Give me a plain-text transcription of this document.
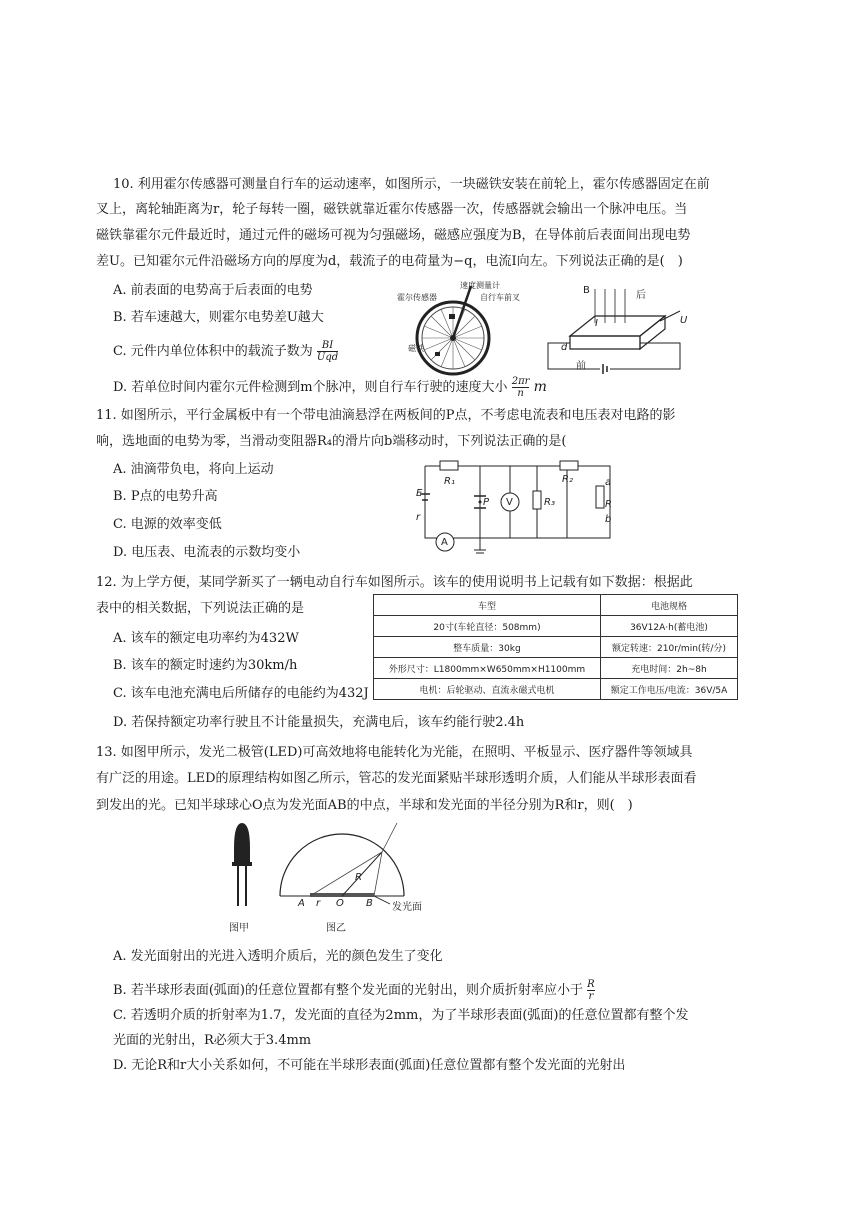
10. 利用霍尔传感器可测量自行车的运动速率，如图所示，一块磁铁安装在前轮上，霍尔传感器固定在前
叉上，离轮轴距离为r，轮子每转一圈，磁铁就靠近霍尔传感器一次，传感器就会输出一个脉冲电压。当
磁铁靠霍尔元件最近时，通过元件的磁场可视为匀强磁场，磁感应强度为B，在导体前后表面间出现电势
差U。已知霍尔元件沿磁场方向的厚度为d，载流子的电荷量为−q，电流I向左。下列说法正确的是(　)
A. 前表面的电势高于后表面的电势
B. 若车速越大，则霍尔电势差U越大
C. 元件内单位体积中的载流子数为 BI
Uqd
D. 若单位时间内霍尔元件检测到m个脉冲，则自行车行驶的速度大小 $\frac{2\pi r}{n}$ m
霍尔传感器
速度测量计
自行车前叉
磁铁
B	后
前
I	U
d
11. 如图所示，平行金属板中有一个带电油滴悬浮在两板间的P点，不考虑电流表和电压表对电路的影
响，选地面的电势为零，当滑动变阻器R₄的滑片向b端移动时，下列说法正确的是(
A. 油滴带负电，将向上运动
B. P点的电势升高
C. 电源的效率变低
D. 电压表、电流表的示数均变小
R₁	R₂
R₃	R
E
r
P V
A
a
b
12. 为上学方便，某同学新买了一辆电动自行车如图所示。该车的使用说明书上记载有如下数据：根据此
表中的相关数据，下列说法正确的是
A. 该车的额定电功率约为432W
B. 该车的额定时速约为30km/h
C. 该车电池充满电后所储存的电能约为432J
D. 若保持额定功率行驶且不计能量损失，充满电后，该车约能行驶2.4h
车型	电池规格
20寸(车轮直径：508mm)	36V12A·h(蓄电池)
整车质量：30kg	额定转速：210r/min(转/分)
外形尺寸：L1800mm×W650mm×H1100mm	充电时间：2h~8h
电机：后轮驱动、直流永磁式电机	额定工作电压/电流：36V/5A
13. 如图甲所示，发光二极管(LED)可高效地将电能转化为光能，在照明、平板显示、医疗器件等领域具
有广泛的用途。LED的原理结构如图乙所示，管芯的发光面紧贴半球形透明介质，人们能从半球形表面看
到发出的光。已知半球球心O点为发光面AB的中点，半球和发光面的半径分别为R和r，则(　)
图甲	图乙
A r O B
R
发光面
A. 发光面射出的光进入透明介质后，光的颜色发生了变化
B. 若半球形表面(弧面)的任意位置都有整个发光面的光射出，则介质折射率应小于 $\frac{R}{r}$
C. 若透明介质的折射率为1.7，发光面的直径为2mm，为了半球形表面(弧面)的任意位置都有整个发
光面的光射出，R必须大于3.4mm
D. 无论R和r大小关系如何，不可能在半球形表面(弧面)任意位置都有整个发光面的光射出
